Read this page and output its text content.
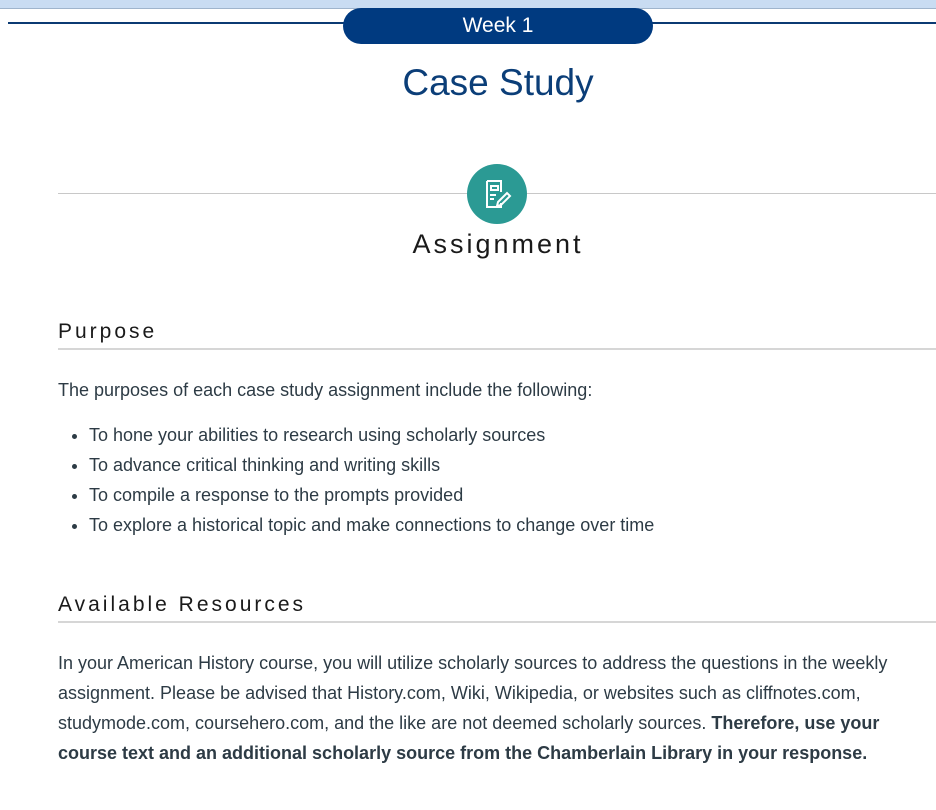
Week 1
Case Study
Assignment
Purpose
The purposes of each case study assignment include the following:
• To hone your abilities to research using scholarly sources
• To advance critical thinking and writing skills
• To compile a response to the prompts provided
• To explore a historical topic and make connections to change over time
Available Resources
In your American History course, you will utilize scholarly sources to address the questions in the weekly assignment. Please be advised that History.com, Wiki, Wikipedia, or websites such as cliffnotes.com, studymode.com, coursehero.com, and the like are not deemed scholarly sources. Therefore, use your course text and an additional scholarly source from the Chamberlain Library in your response.
